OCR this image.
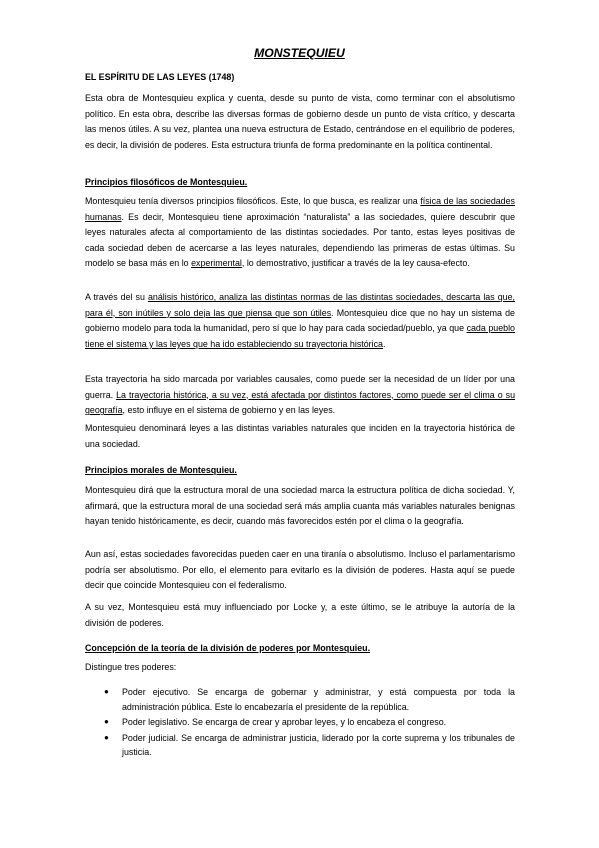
MONSTEQUIEU

EL ESPÍRITU DE LAS LEYES (1748)

Esta obra de Montesquieu explica y cuenta, desde su punto de vista, como terminar con el absolutismo político. En esta obra, describe las diversas formas de gobierno desde un punto de vista crítico, y descarta las menos útiles. A su vez, plantea una nueva estructura de Estado, centrándose en el equilibrio de poderes, es decir, la división de poderes. Esta estructura triunfa de forma predominante en la política continental.

Principios filosóficos de Montesquieu.

Montesquieu tenía diversos principios filosóficos. Este, lo que busca, es realizar una física de las sociedades humanas. Es decir, Montesquieu tiene aproximación “naturalista” a las sociedades, quiere descubrir que leyes naturales afecta al comportamiento de las distintas sociedades. Por tanto, estas leyes positivas de cada sociedad deben de acercarse a las leyes naturales, dependiendo las primeras de estas últimas. Su modelo se basa más en lo experimental, lo demostrativo, justificar a través de la ley causa-efecto.

A través del su análisis histórico, analiza las distintas normas de las distintas sociedades, descarta las que, para él, son inútiles y solo deja las que piensa que son útiles. Montesquieu dice que no hay un sistema de gobierno modelo para toda la humanidad, pero sí que lo hay para cada sociedad/pueblo, ya que cada pueblo tiene el sistema y las leyes que ha ido estableciendo su trayectoria histórica.

Esta trayectoria ha sido marcada por variables causales, como puede ser la necesidad de un líder por una guerra. La trayectoria histórica, a su vez, está afectada por distintos factores, como puede ser el clima o su geografía, esto influye en el sistema de gobierno y en las leyes.

Montesquieu denominará leyes a las distintas variables naturales que inciden en la trayectoria histórica de una sociedad.

Principios morales de Montesquieu.

Montesquieu dirá que la estructura moral de una sociedad marca la estructura política de dicha sociedad. Y, afirmará, que la estructura moral de una sociedad será más amplia cuanta más variables naturales benignas hayan tenido históricamente, es decir, cuando más favorecidos estén por el clima o la geografía.

Aun así, estas sociedades favorecidas pueden caer en una tiranía o absolutismo. Incluso el parlamentarismo podría ser absolutismo. Por ello, el elemento para evitarlo es la división de poderes. Hasta aquí se puede decir que coincide Montesquieu con el federalismo.

A su vez, Montesquieu está muy influenciado por Locke y, a este último, se le atribuye la autoría de la división de poderes.

Concepción de la teoría de la división de poderes por Montesquieu.

Distingue tres poderes:

● Poder ejecutivo. Se encarga de gobernar y administrar, y está compuesta por toda la administración pública. Este lo encabezaría el presidente de la república.
● Poder legislativo. Se encarga de crear y aprobar leyes, y lo encabeza el congreso.
● Poder judicial. Se encarga de administrar justicia, liderado por la corte suprema y los tribunales de justicia.
